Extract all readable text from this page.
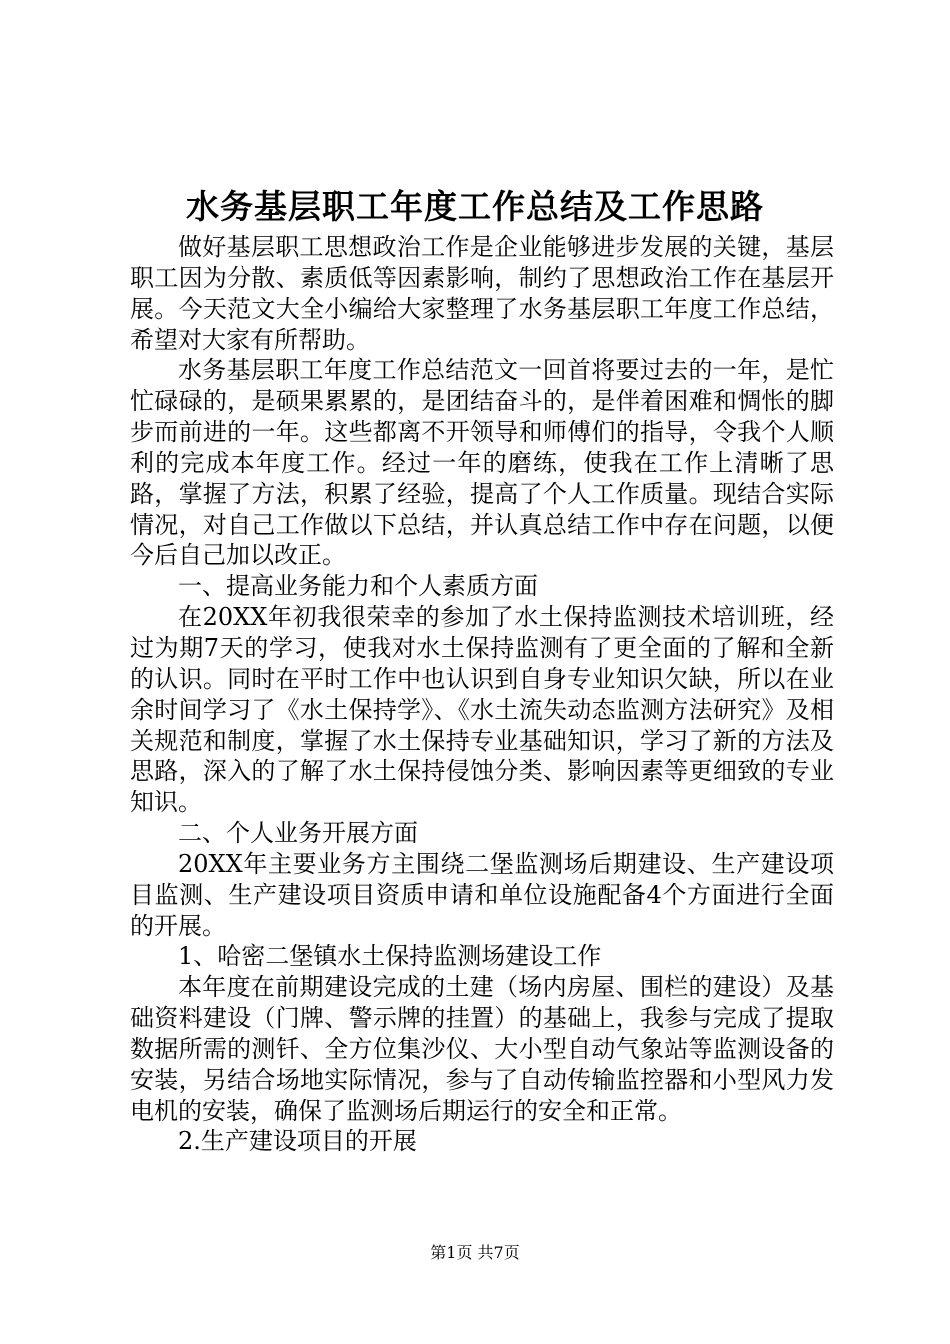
水务基层职工年度工作总结及工作思路

做好基层职工思想政治工作是企业能够进步发展的关键，基层职工因为分散、素质低等因素影响，制约了思想政治工作在基层开展。今天范文大全小编给大家整理了水务基层职工年度工作总结，希望对大家有所帮助。

水务基层职工年度工作总结范文一回首将要过去的一年，是忙忙碌碌的，是硕果累累的，是团结奋斗的，是伴着困难和惆怅的脚步而前进的一年。这些都离不开领导和师傅们的指导，令我个人顺利的完成本年度工作。经过一年的磨练，使我在工作上清晰了思路，掌握了方法，积累了经验，提高了个人工作质量。现结合实际情况，对自己工作做以下总结，并认真总结工作中存在问题，以便今后自己加以改正。

一、提高业务能力和个人素质方面

在20XX年初我很荣幸的参加了水土保持监测技术培训班，经过为期7天的学习，使我对水土保持监测有了更全面的了解和全新的认识。同时在平时工作中也认识到自身专业知识欠缺，所以在业余时间学习了《水土保持学》、《水土流失动态监测方法研究》及相关规范和制度，掌握了水土保持专业基础知识，学习了新的方法及思路，深入的了解了水土保持侵蚀分类、影响因素等更细致的专业知识。

二、个人业务开展方面

20XX年主要业务方主围绕二堡监测场后期建设、生产建设项目监测、生产建设项目资质申请和单位设施配备4个方面进行全面的开展。

1、哈密二堡镇水土保持监测场建设工作

本年度在前期建设完成的土建（场内房屋、围栏的建设）及基础资料建设（门牌、警示牌的挂置）的基础上，我参与完成了提取数据所需的测钎、全方位集沙仪、大小型自动气象站等监测设备的安装，另结合场地实际情况，参与了自动传输监控器和小型风力发电机的安装，确保了监测场后期运行的安全和正常。

2.生产建设项目的开展

第1页 共7页
